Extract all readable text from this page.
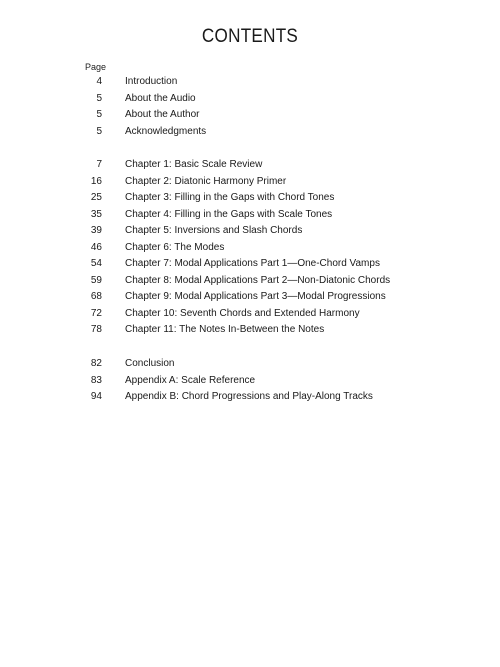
CONTENTS
Page
4 Introduction
5 About the Audio
5 About the Author
5 Acknowledgments
7 Chapter 1: Basic Scale Review
16 Chapter 2: Diatonic Harmony Primer
25 Chapter 3: Filling in the Gaps with Chord Tones
35 Chapter 4: Filling in the Gaps with Scale Tones
39 Chapter 5: Inversions and Slash Chords
46 Chapter 6: The Modes
54 Chapter 7: Modal Applications Part 1—One-Chord Vamps
59 Chapter 8: Modal Applications Part 2—Non-Diatonic Chords
68 Chapter 9: Modal Applications Part 3—Modal Progressions
72 Chapter 10: Seventh Chords and Extended Harmony
78 Chapter 11: The Notes In-Between the Notes
82 Conclusion
83 Appendix A: Scale Reference
94 Appendix B: Chord Progressions and Play-Along Tracks
